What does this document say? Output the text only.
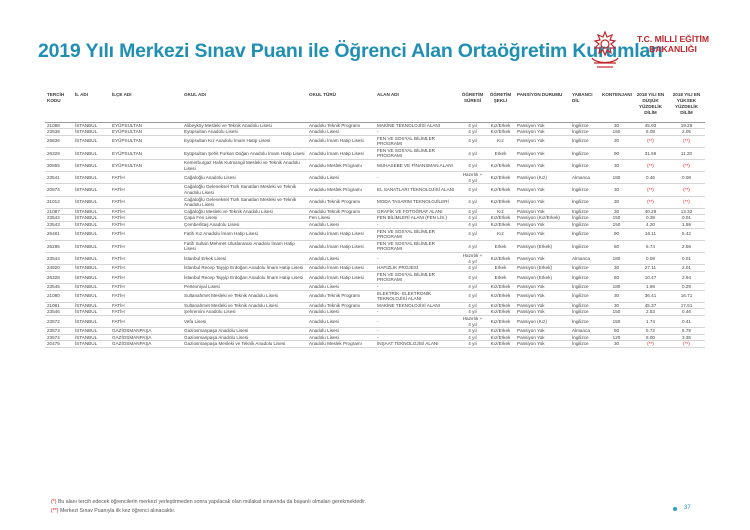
2019 Yılı Merkezi Sınav Puanı ile Öğrenci Alan Ortaöğretim Kurumları
T.C. MİLLİ EĞİTİM
BAKANLIĞI
TERCİH KODU	İL ADI	İLÇE ADI	OKUL ADI	OKUL TÜRÜ	ALAN ADI	ÖĞRETİM SÜRESİ	ÖĞRETİM ŞEKLİ	PANSİYON DURUMU	YABANCI DİL	KONTENJANI	2018 YILI EN DÜŞÜK YÜZDELİK DİLİM	2018 YILI EN YÜKSEK YÜZDELİK DİLİM
21088	İSTANBUL	EYÜPSULTAN	Alibeyköy Mesleki ve Teknik Anadolu Lisesi	Anadolu Teknik Programı	MAKİNE TEKNOLOJİSİ ALANI	4 yıl	Kız/Erkek	Pansiyon Yok	İngilizce	30	45.93	19.29
23539	İSTANBUL	EYÜPSULTAN	Eyüpsultan Anadolu Lisesi	Anadolu Lisesi	-	4 yıl	Kız/Erkek	Pansiyon Yok	İngilizce	150	6.08	2.05
26836	İSTANBUL	EYÜPSULTAN	Eyüpsultan Kız Anadolu İmam Hatip Lisesi	Anadolu İmam Hatip Lisesi	FEN VE SOSYAL BİLİMLER PROGRAMI	4 yıl	Kız	Pansiyon Yok	İngilizce	30	(**)	(**)
26329	İSTANBUL	EYÜPSULTAN	Eyüpsultan Şehit Furkan Doğan Anadolu İmam Hatip Lisesi	Anadolu İmam Hatip Lisesi	FEN VE SOSYAL BİLİMLER PROGRAMI	4 yıl	Erkek	Pansiyon Yok	İngilizce	90	31.66	11.20
30855	İSTANBUL	EYÜPSULTAN	Kemerburgaz Halis Kutmangil Mesleki ve Teknik Anadolu Lisesi	Anadolu Meslek Programı	MUHASEBE VE FİNANSMAN ALANI	4 yıl	Kız/Erkek	Pansiyon Yok	İngilizce	30	(**)	(**)
23541	İSTANBUL	FATİH	Cağaloğlu Anadolu Lisesi	Anadolu Lisesi	-	Hazırlık + 4 yıl	Kız/Erkek	Pansiyon (Kız)	Almanca	180	0.46	0.08
20874	İSTANBUL	FATİH	Cağaloğlu Geleneksel Türk Sanatları Mesleki ve Teknik Anadolu Lisesi	Anadolu Meslek Programı	EL SANATLARI TEKNOLOJİSİ ALANI	4 yıl	Kız/Erkek	Pansiyon Yok	İngilizce	30	(**)	(**)
31012	İSTANBUL	FATİH	Cağaloğlu Geleneksel Türk Sanatları Mesleki ve Teknik Anadolu Lisesi	Anadolu Teknik Programı	MODA TASARIM TEKNOLOJİLERİ	4 yıl	Kız/Erkek	Pansiyon Yok	İngilizce	30	(**)	(**)
21087	İSTANBUL	FATİH	Cağaloğlu Mesleki ve Teknik Anadolu Lisesi	Anadolu Teknik Programı	GRAFİK VE FOTOĞRAF ALANI	4 yıl	Kız	Pansiyon Yok	İngilizce	30	40.29	13.32
23542	İSTANBUL	FATİH	Çapa Fen Lisesi	Fen Lisesi	FEN BİLİMLERİ ALANI (FEN LİS.)	4 yıl	Kız/Erkek	Pansiyon (Kız/Erkek)	İngilizce	150	0.38	0.01
23543	İSTANBUL	FATİH	Çemberlitaş Anadolu Lisesi	Anadolu Lisesi	-	4 yıl	Kız/Erkek	Pansiyon Yok	İngilizce	150	4.20	1.99
26481	İSTANBUL	FATİH	Fatih Kız Anadolu İmam Hatip Lisesi	Anadolu İmam Hatip Lisesi	FEN VE SOSYAL BİLİMLER PROGRAMI	4 yıl	Kız	Pansiyon Yok	İngilizce	90	16.11	5.42
26285	İSTANBUL	FATİH	Fatih Sultan Mehmet Uluslararası Anadolu İmam Hatip Lisesi	Anadolu İmam Hatip Lisesi	FEN VE SOSYAL BİLİMLER PROGRAMI	4 yıl	Erkek	Pansiyon (Erkek)	İngilizce	60	6.74	2.56
23544	İSTANBUL	FATİH	İstanbul Erkek Lisesi	Anadolu Lisesi	-	Hazırlık + 4 yıl	Kız/Erkek	Pansiyon Yok	Almanca	180	0.08	0.01
24920	İSTANBUL	FATİH	İstanbul Recep Tayyip Erdoğan Anadolu İmam Hatip Lisesi	Anadolu İmam Hatip Lisesi	HAFIZLIK PROJESİ	4 yıl	Erkek	Pansiyon (Erkek)	İngilizce	30	27.11	2.01
26328	İSTANBUL	FATİH	İstanbul Recep Tayyip Erdoğan Anadolu İmam Hatip Lisesi	Anadolu İmam Hatip Lisesi	FEN VE SOSYAL BİLİMLER PROGRAMI	4 yıl	Erkek	Pansiyon (Erkek)	İngilizce	60	10.47	2.94
23545	İSTANBUL	FATİH	Pertevniyal Lisesi	Anadolu Lisesi	-	4 yıl	Kız/Erkek	Pansiyon Yok	İngilizce	180	1.98	0.29
21080	İSTANBUL	FATİH	Sultanahmet Mesleki ve Teknik Anadolu Lisesi	Anadolu Teknik Programı	ELEKTRİK- ELEKTRONİK TEKNOLOJİSİ ALANI	4 yıl	Kız/Erkek	Pansiyon Yok	İngilizce	30	36.41	16.71
21081	İSTANBUL	FATİH	Sultanahmet Mesleki ve Teknik Anadolu Lisesi	Anadolu Teknik Programı	MAKİNE TEKNOLOJİSİ ALANI	4 yıl	Kız/Erkek	Pansiyon Yok	İngilizce	30	45.37	17.51
23546	İSTANBUL	FATİH	Şehremini Anadolu Lisesi	Anadolu Lisesi	-	4 yıl	Kız/Erkek	Pansiyon Yok	İngilizce	150	2.53	0.46
23572	İSTANBUL	FATİH	Vefa Lisesi	Anadolu Lisesi	-	Hazırlık + 4 yıl	Kız/Erkek	Pansiyon (Kız)	İngilizce	150	1.74	0.41
23573	İSTANBUL	GAZİOSMANPAŞA	Gaziosmanpaşa Anadolu Lisesi	Anadolu Lisesi	-	4 yıl	Kız/Erkek	Pansiyon Yok	Almanca	60	5.72	5.79
23574	İSTANBUL	GAZİOSMANPAŞA	Gaziosmanpaşa Anadolu Lisesi	Anadolu Lisesi	-	4 yıl	Kız/Erkek	Pansiyon Yok	İngilizce	120	8.00	3.35
20475	İSTANBUL	GAZİOSMANPAŞA	Gaziosmanpaşa Mesleki ve Teknik Anadolu Lisesi	Anadolu Meslek Programı	İNŞAAT TEKNOLOJİSİ ALANI	4 yıl	Kız/Erkek	Pansiyon Yok	İngilizce	30	(**)	(**)
(*) Bu alanı tercih edecek öğrencilerin merkezi yerleştirmeden sonra yapılacak olan mülakat sınavında da başarılı olmaları gerekmektedir.
(**) Merkezi Sınav Puanıyla ilk kez öğrenci alınacaktır.	37
